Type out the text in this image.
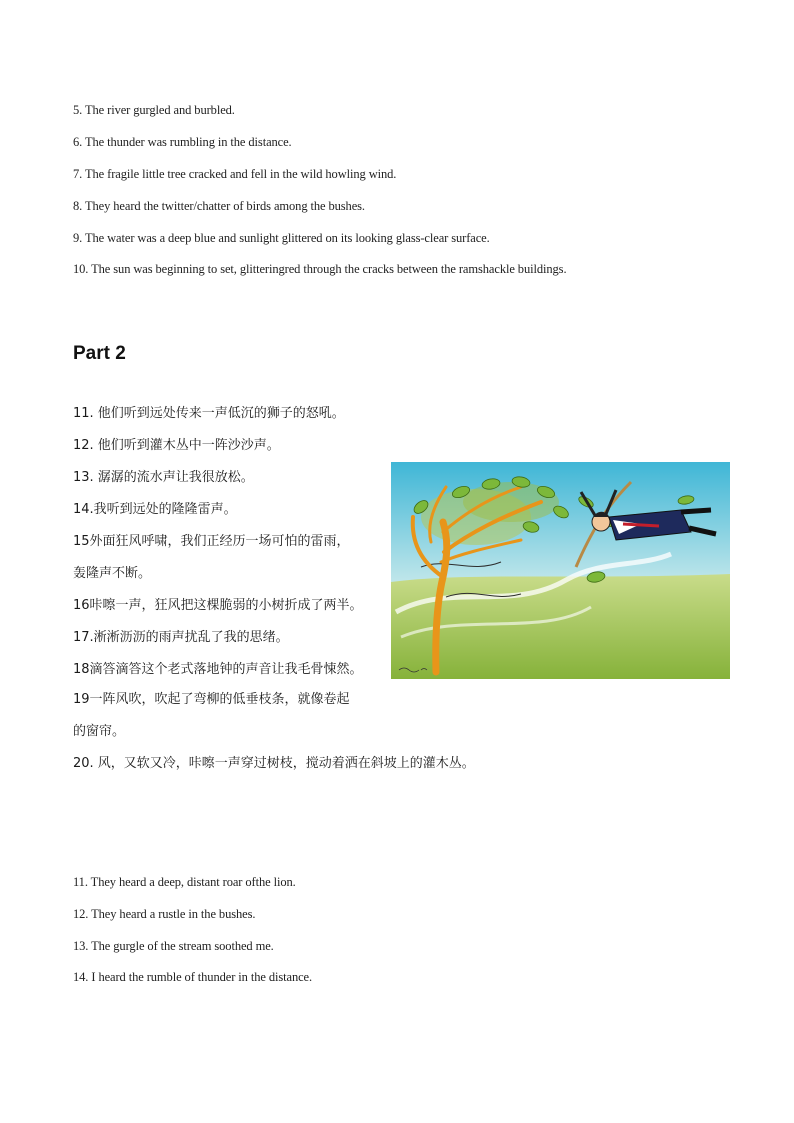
5. The river gurgled and burbled.
6. The thunder was rumbling in the distance.
7. The fragile little tree cracked and fell in the wild howling wind.
8. They heard the twitter/chatter of birds among the bushes.
9. The water was a deep blue and sunlight glittered on its looking glass-clear surface.
10. The sun was beginning to set, glitteringred through the cracks between the ramshackle buildings.
Part 2
11. 他们听到远处传来一声低沉的狮子的怒吼。
12. 他们听到灌木丛中一阵沙沙声。
13. 潺潺的流水声让我很放松。
14.我听到远处的隆隆雷声。
15外面狂风呼啸，我们正经历一场可怕的雷雨，
轰隆声不断。
16咔嚓一声，狂风把这棵脆弱的小树折成了两半。
17.淅淅沥沥的雨声扰乱了我的思绪。
18滴答滴答这个老式落地钟的声音让我毛骨悚然。
19一阵风吹，吹起了弯柳的低垂枝条，就像卷起
的窗帘。
20. 风，又软又冷，咔嚓一声穿过树枝，搅动着洒在斜坡上的灌木丛。
11. They heard a deep, distant roar ofthe lion.
12. They heard a rustle in the bushes.
13. The gurgle of the stream soothed me.
14. I heard the rumble of thunder in the distance.
